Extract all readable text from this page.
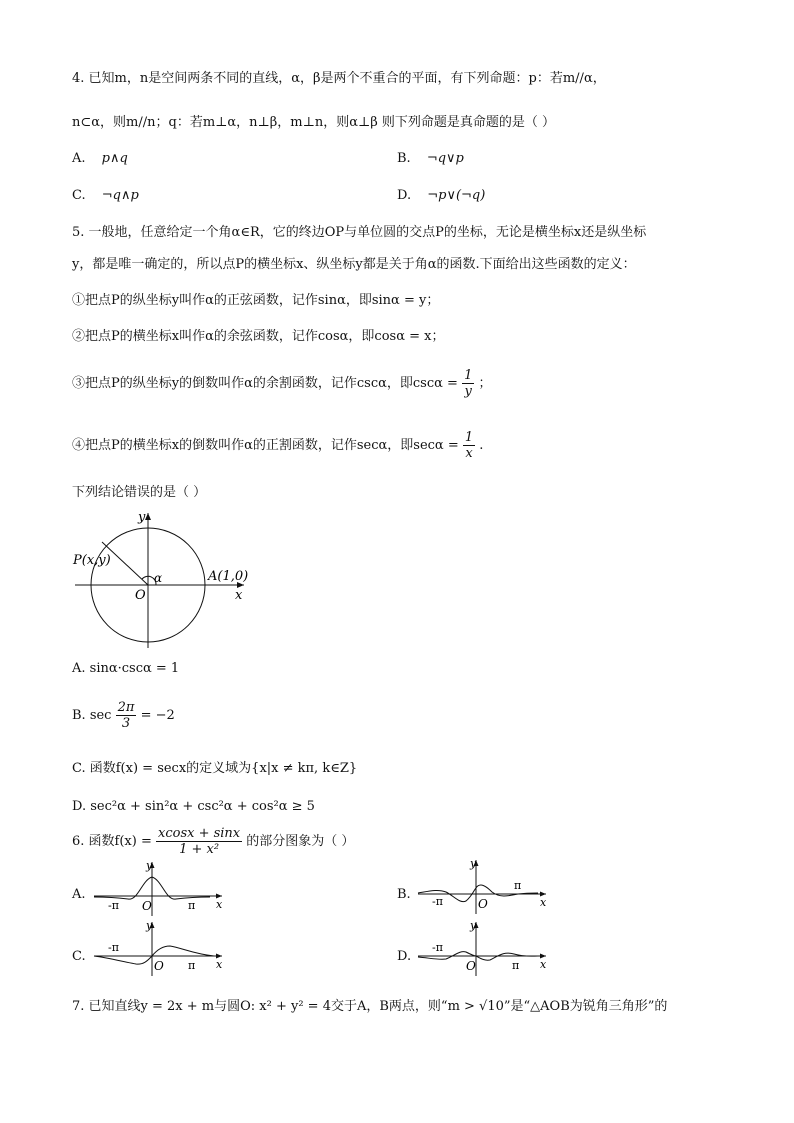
4. 已知m，n是空间两条不同的直线，α，β是两个不重合的平面，有下列命题：p：若m//α，
n⊂α，则m//n；q：若m⊥α，n⊥β，m⊥n，则α⊥β 则下列命题是真命题的是（ ）
A. p∧q	B. ¬q∨p
C. ¬q∧p	D. ¬p∨(¬q)
5. 一般地，任意给定一个角α∈R，它的终边OP与单位圆的交点P的坐标，无论是横坐标x还是纵坐标
y，都是唯一确定的，所以点P的横坐标x、纵坐标y都是关于角α的函数.下面给出这些函数的定义：
①把点P的纵坐标y叫作α的正弦函数，记作sinα，即sinα = y；
②把点P的横坐标x叫作α的余弦函数，记作cosα，即cosα = x；
③把点P的纵坐标y的倒数叫作α的余割函数，记作cscα，即$\csc\alpha = \frac{1}{y}$ ；
④把点P的横坐标x的倒数叫作α的正割函数，记作secα，即$\sec\alpha = \frac{1}{x}$ .
下列结论错误的是（ ）
y
x
O
P(x,y)
A(1,0)
α
A. sinα·cscα = 1
B. $\sec \frac{2\pi}{3} = -2$
C. 函数f(x) = secx的定义域为{x|x ≠ kπ, k∈Z}
D. sec²α + sin²α + csc²α + cos²α ≥ 5
6. 函数$f(x) = \frac{xcosx + \sin x}{\text{1 + x²}}$ 的部分图象为（ ）
A.
y
x
O
-π	π
B.
y
x
O
-π
π
C.
y
x
O
-π
π
D.
y
x
O
-π
π
7. 已知直线y = 2x + m与圆O: x² + y² = 4交于A，B两点，则“m > √10”是“△AOB为锐角三角形”的
